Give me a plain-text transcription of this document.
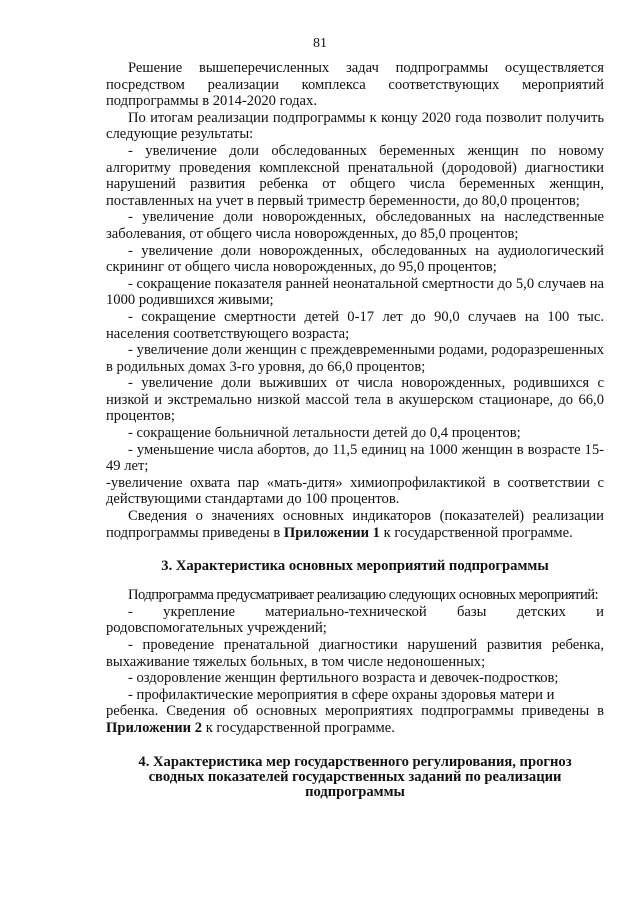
81

Решение вышеперечисленных задач подпрограммы осуществляется посредством реализации комплекса соответствующих мероприятий подпрограммы в 2014-2020 годах.

По итогам реализации подпрограммы к концу 2020 года позволит получить следующие результаты:

- увеличение доли обследованных беременных женщин по новому алгоритму проведения комплексной пренатальной (дородовой) диагностики нарушений развития ребенка от общего числа беременных женщин, поставленных на учет в первый триместр беременности, до 80,0 процентов;

- увеличение доли новорожденных, обследованных на наследственные заболевания, от общего числа новорожденных, до 85,0 процентов;

- увеличение доли новорожденных, обследованных на аудиологический скрининг от общего числа новорожденных, до 95,0 процентов;

- сокращение показателя ранней неонатальной смертности до 5,0 случаев на 1000 родившихся живыми;

- сокращение смертности детей 0-17 лет до 90,0 случаев на 100 тыс. населения соответствующего возраста;

- увеличение доли женщин с преждевременными родами, родоразрешенных в родильных домах 3-го уровня, до 66,0 процентов;

- увеличение доли выживших от числа новорожденных, родившихся с низкой и экстремально низкой массой тела в акушерском стационаре, до 66,0 процентов;

- сокращение больничной летальности детей до 0,4 процентов;

- уменьшение числа абортов, до 11,5 единиц на 1000 женщин в возрасте 15-49 лет;

-увеличение охвата пар «мать-дитя» химиопрофилактикой в соответствии с действующими стандартами до 100 процентов.

Сведения о значениях основных индикаторов (показателей) реализации подпрограммы приведены в Приложении 1 к государственной программе.

3. Характеристика основных мероприятий подпрограммы

Подпрограмма предусматривает реализацию следующих основных мероприятий:

- укрепление материально-технической базы детских и родовспомогательных учреждений;

- проведение пренатальной диагностики нарушений развития ребенка, выхаживание тяжелых больных, в том числе недоношенных;

- оздоровление женщин фертильного возраста и девочек-подростков;

- профилактические мероприятия в сфере охраны здоровья матери и

ребенка. Сведения об основных мероприятиях подпрограммы приведены в Приложении 2 к государственной программе.

4. Характеристика мер государственного регулирования, прогноз
сводных показателей государственных заданий по реализации
подпрограммы
